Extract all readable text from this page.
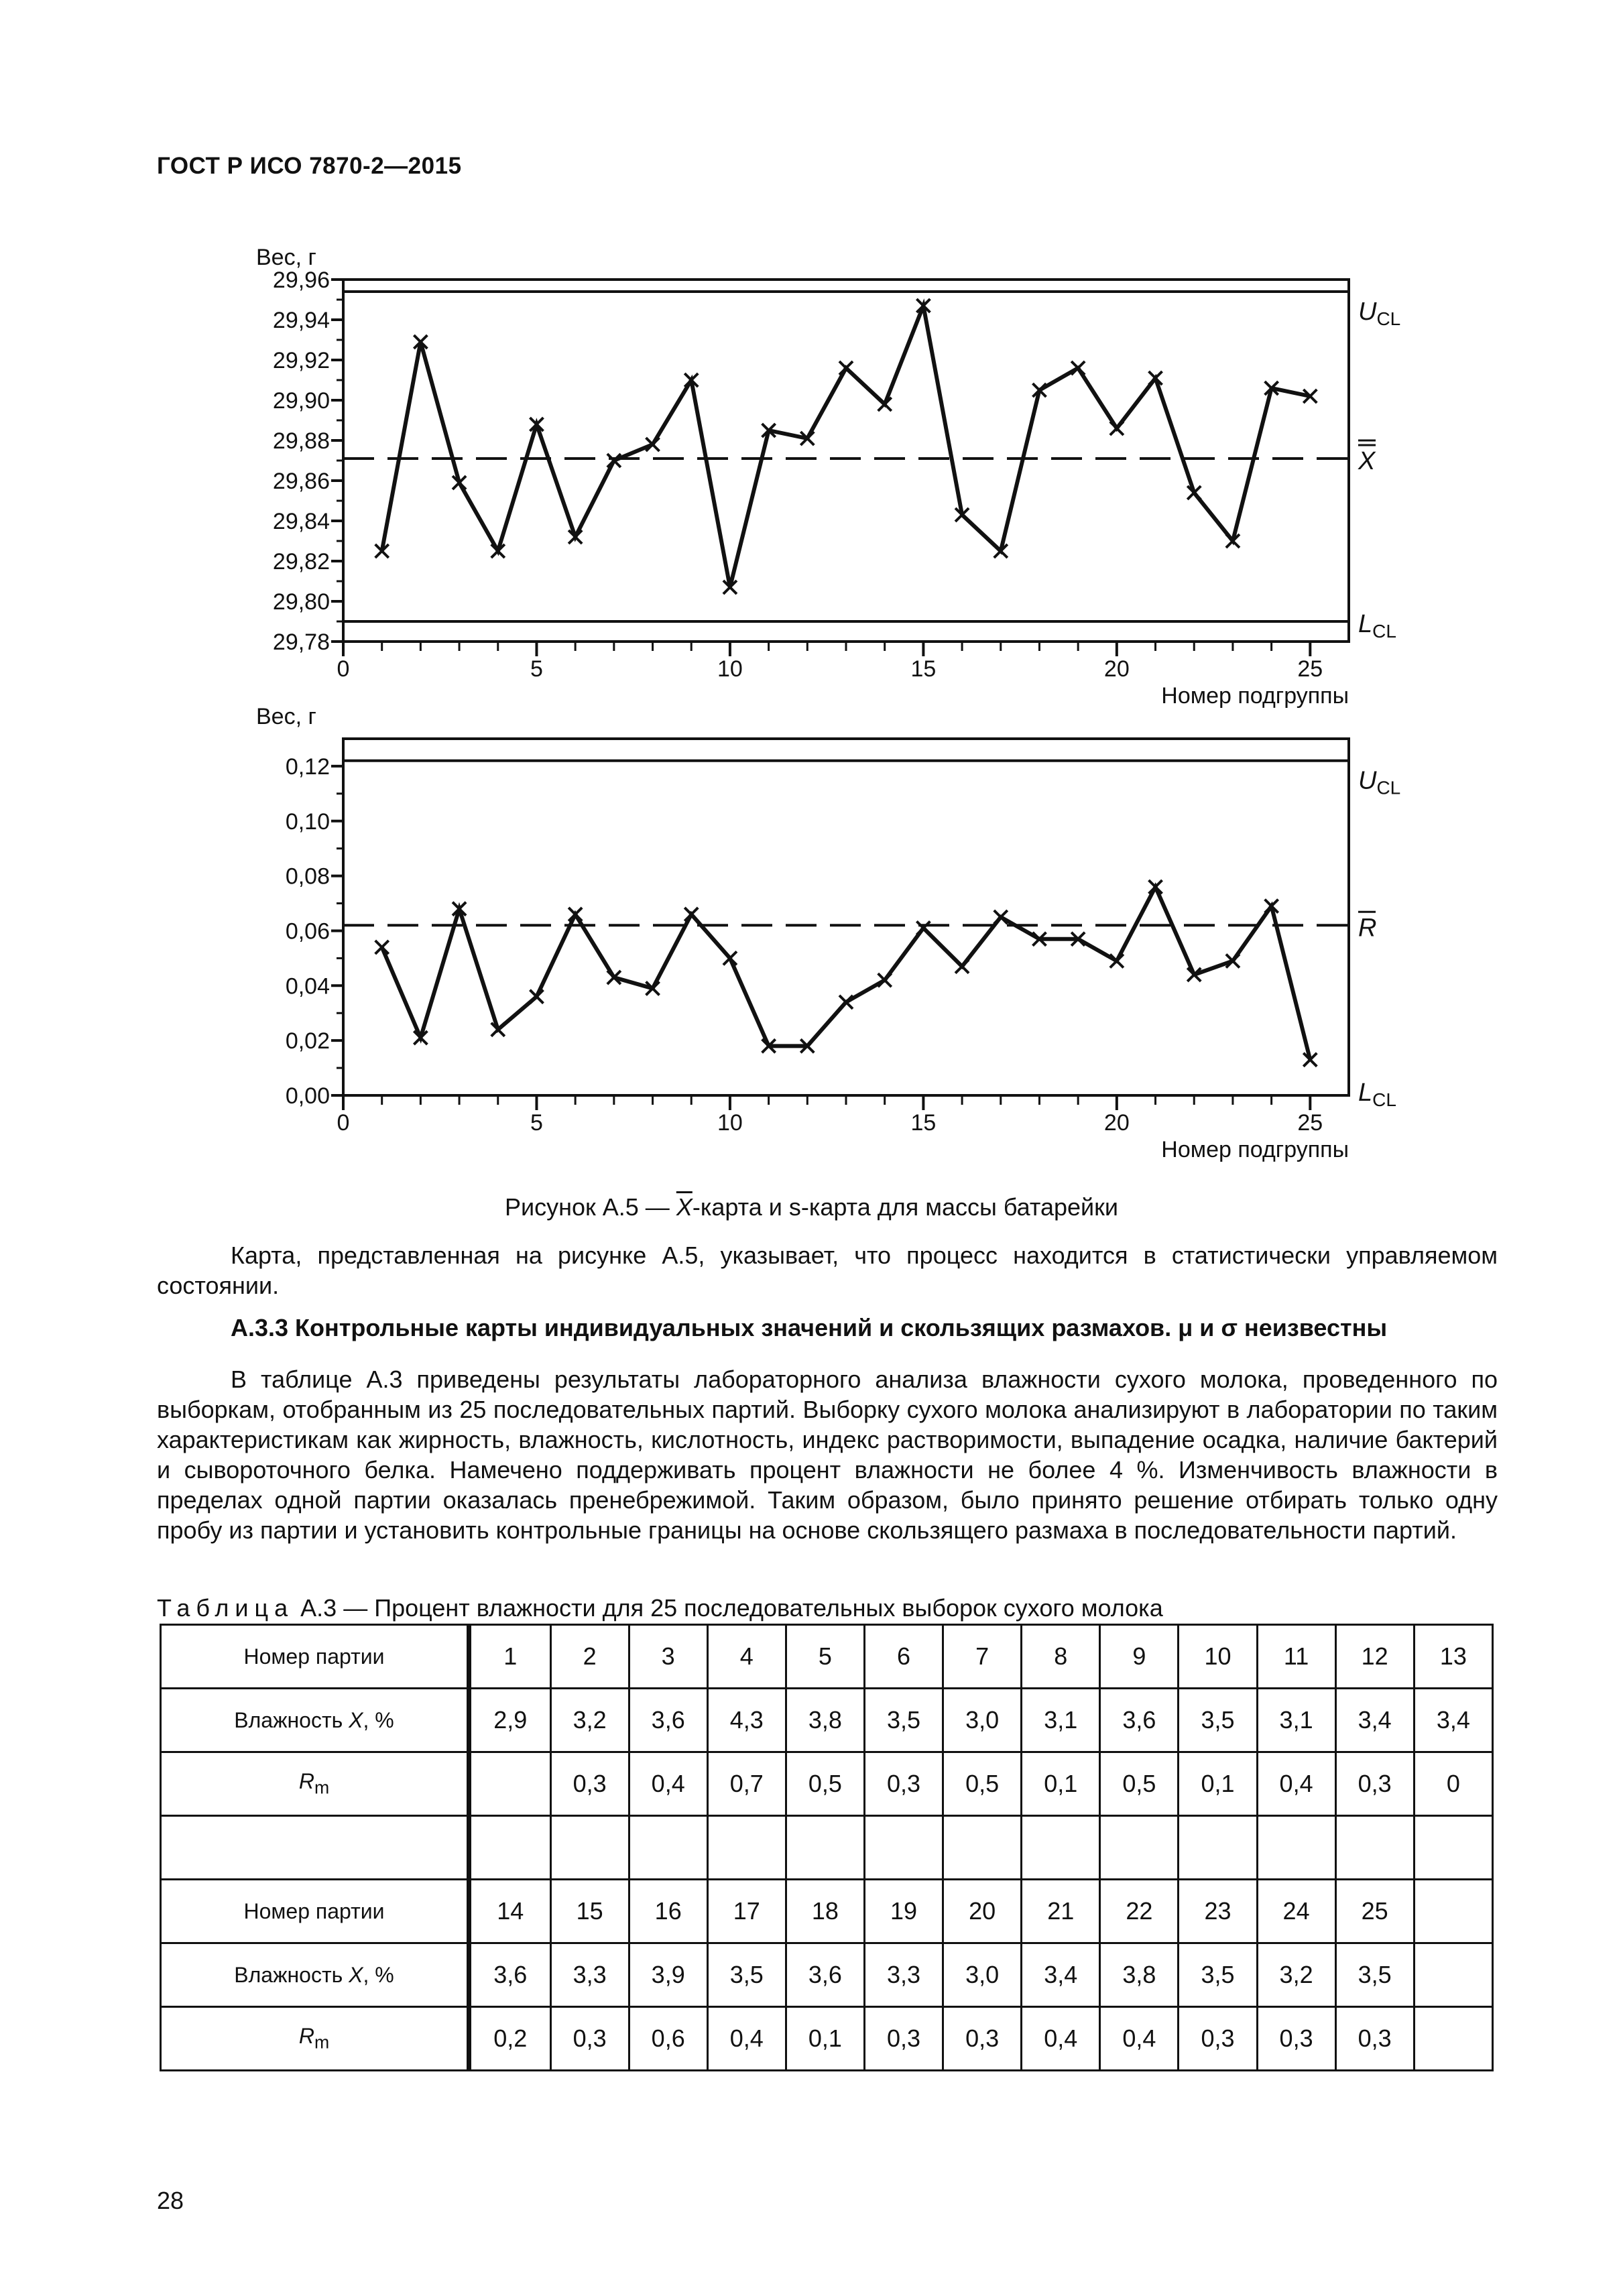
ГОСТ Р ИСО 7870-2—2015
29,78
29,80
29,82
29,84
29,86
29,88
29,90
29,92
29,94
29,96
0	5	10	15	20	25
Вес, г
Номер подгруппы
$U_{CL}$
X
$L_{CL}$
0,00
0,02
0,04
0,06
0,08
0,10
0,12
0	5	10	15	20	25
Вес, г
Номер подгруппы
$U_{CL}$
R
$L_{CL}$
Рисунок А.5 — $\overline{X}$-карта и s-карта для массы батарейки
Карта, представленная на рисунке А.5, указывает, что процесс находится в статистически управляемом состоянии.
А.3.3 Контрольные карты индивидуальных значений и скользящих размахов. μ и σ неизвестны
В таблице А.3 приведены результаты лабораторного анализа влажности сухого молока, проведенного по выборкам, отобранным из 25 последовательных партий. Выборку сухого молока анализируют в лаборатории по таким характеристикам как жирность, влажность, кислотность, индекс растворимости, выпадение осадка, наличие бактерий и сывороточного белка. Намечено поддерживать процент влажности не более 4 %. Изменчивость влажности в пределах одной партии оказалась пренебрежимой. Таким образом, было принято решение отбирать только одну пробу из партии и установить контрольные границы на основе скользящего размаха в последовательности партий.
Таблица А.3 — Процент влажности для 25 последовательных выборок сухого молока
Номер партии	1	2	3	4	5	6	7	8	9	10	11	12	13
Влажность X, %	2,9	3,2	3,6	4,3	3,8	3,5	3,0	3,1	3,6	3,5	3,1	3,4	3,4
$R_m$		0,3	0,4	0,7	0,5	0,3	0,5	0,1	0,5	0,1	0,4	0,3	0

Номер партии	14	15	16	17	18	19	20	21	22	23	24	25	
Влажность X, %	3,6	3,3	3,9	3,5	3,6	3,3	3,0	3,4	3,8	3,5	3,2	3,5	
$R_m$	0,2	0,3	0,6	0,4	0,1	0,3	0,3	0,4	0,4	0,3	0,3	0,3	
28
